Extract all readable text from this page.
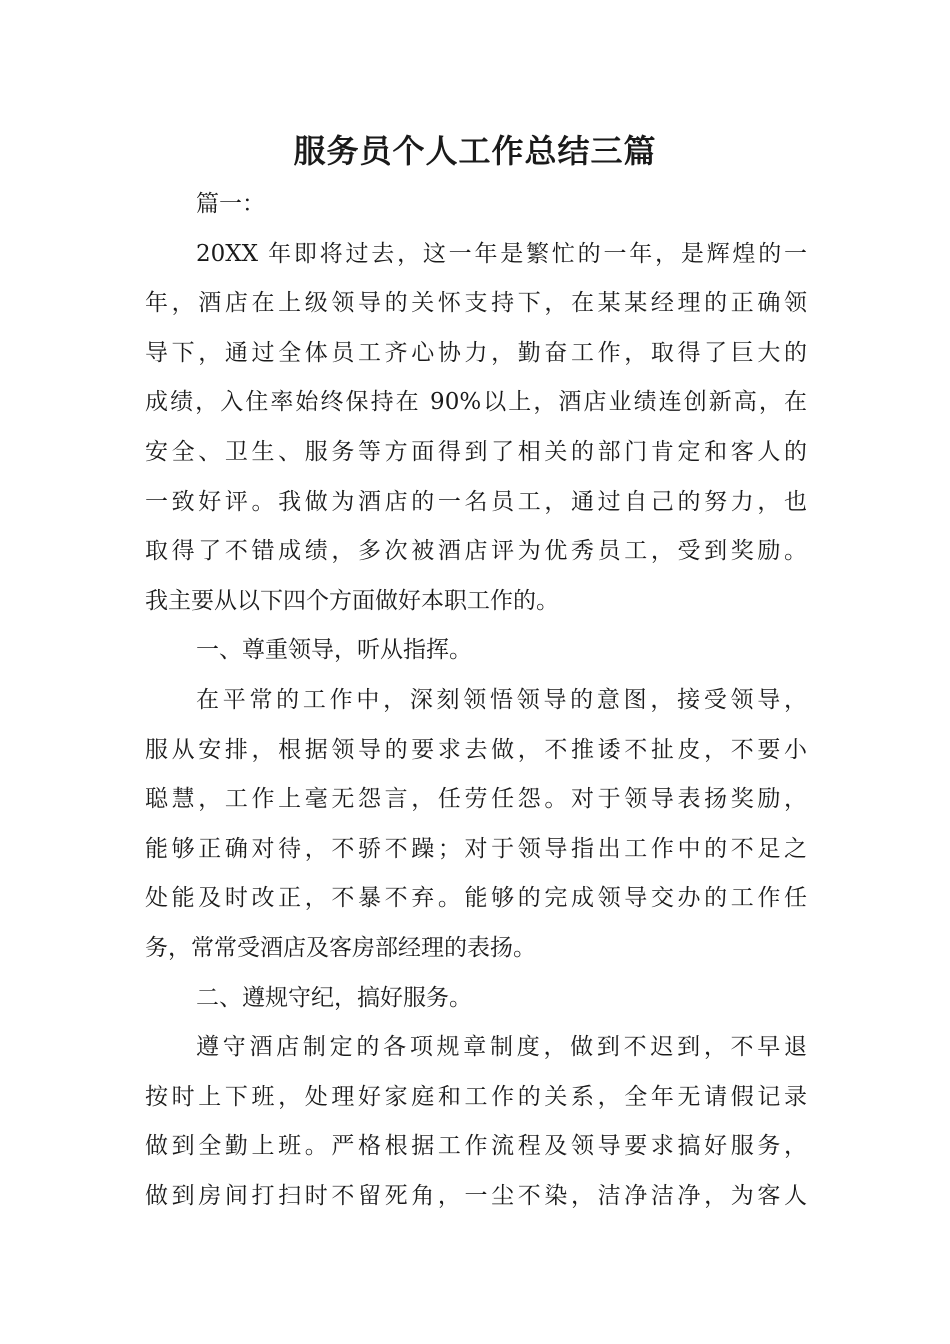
服务员个人工作总结三篇
篇一：
20XX 年即将过去，这一年是繁忙的一年，是辉煌的一
年，酒店在上级领导的关怀支持下，在某某经理的正确领
导下，通过全体员工齐心协力，勤奋工作，取得了巨大的
成绩，入住率始终保持在 90%以上，酒店业绩连创新高，在
安全、卫生、服务等方面得到了相关的部门肯定和客人的
一致好评。我做为酒店的一名员工，通过自己的努力，也
取得了不错成绩，多次被酒店评为优秀员工，受到奖励。
我主要从以下四个方面做好本职工作的。
一、尊重领导，听从指挥。
在平常的工作中，深刻领悟领导的意图，接受领导，
服从安排，根据领导的要求去做，不推诿不扯皮，不要小
聪慧，工作上毫无怨言，任劳任怨。对于领导表扬奖励，
能够正确对待，不骄不躁；对于领导指出工作中的不足之
处能及时改正，不暴不弃。能够的完成领导交办的工作任
务，常常受酒店及客房部经理的表扬。
二、遵规守纪，搞好服务。
遵守酒店制定的各项规章制度，做到不迟到，不早退
按时上下班，处理好家庭和工作的关系，全年无请假记录
做到全勤上班。严格根据工作流程及领导要求搞好服务，
做到房间打扫时不留死角，一尘不染，洁净洁净，为客人
